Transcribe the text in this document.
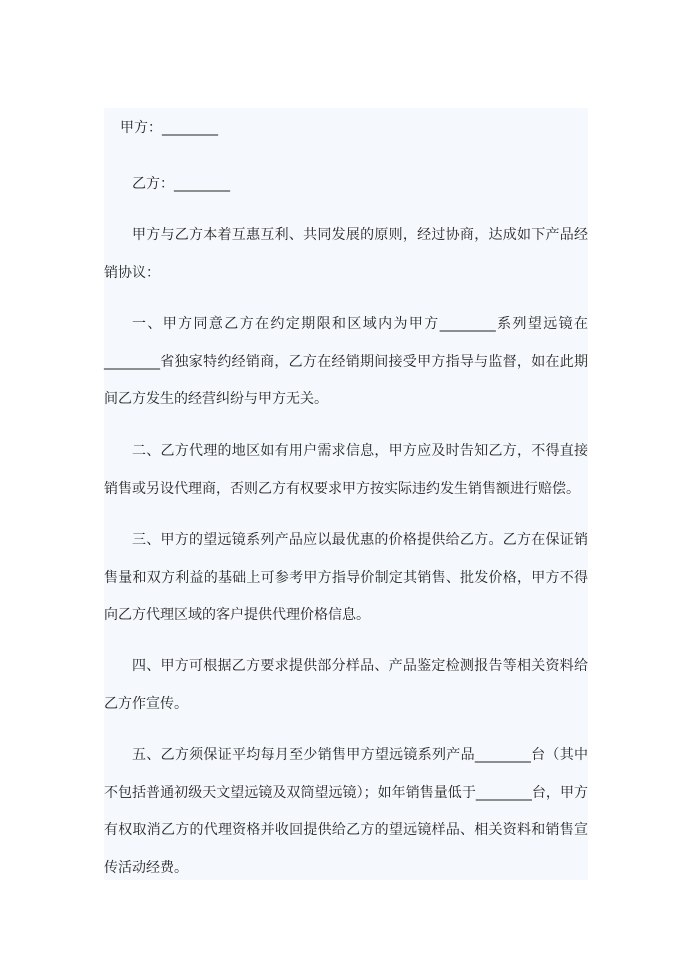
甲方：________
乙方：________

甲方与乙方本着互惠互利、共同发展的原则，经过协商，达成如下产品经销协议：

一、甲方同意乙方在约定期限和区域内为甲方________系列望远镜在________省独家特约经销商，乙方在经销期间接受甲方指导与监督，如在此期间乙方发生的经营纠纷与甲方无关。

二、乙方代理的地区如有用户需求信息，甲方应及时告知乙方，不得直接销售或另设代理商，否则乙方有权要求甲方按实际违约发生销售额进行赔偿。

三、甲方的望远镜系列产品应以最优惠的价格提供给乙方。乙方在保证销售量和双方利益的基础上可参考甲方指导价制定其销售、批发价格，甲方不得向乙方代理区域的客户提供代理价格信息。

四、甲方可根据乙方要求提供部分样品、产品鉴定检测报告等相关资料给乙方作宣传。

五、乙方须保证平均每月至少销售甲方望远镜系列产品________台（其中不包括普通初级天文望远镜及双筒望远镜）；如年销售量低于________台，甲方有权取消乙方的代理资格并收回提供给乙方的望远镜样品、相关资料和销售宣传活动经费。
